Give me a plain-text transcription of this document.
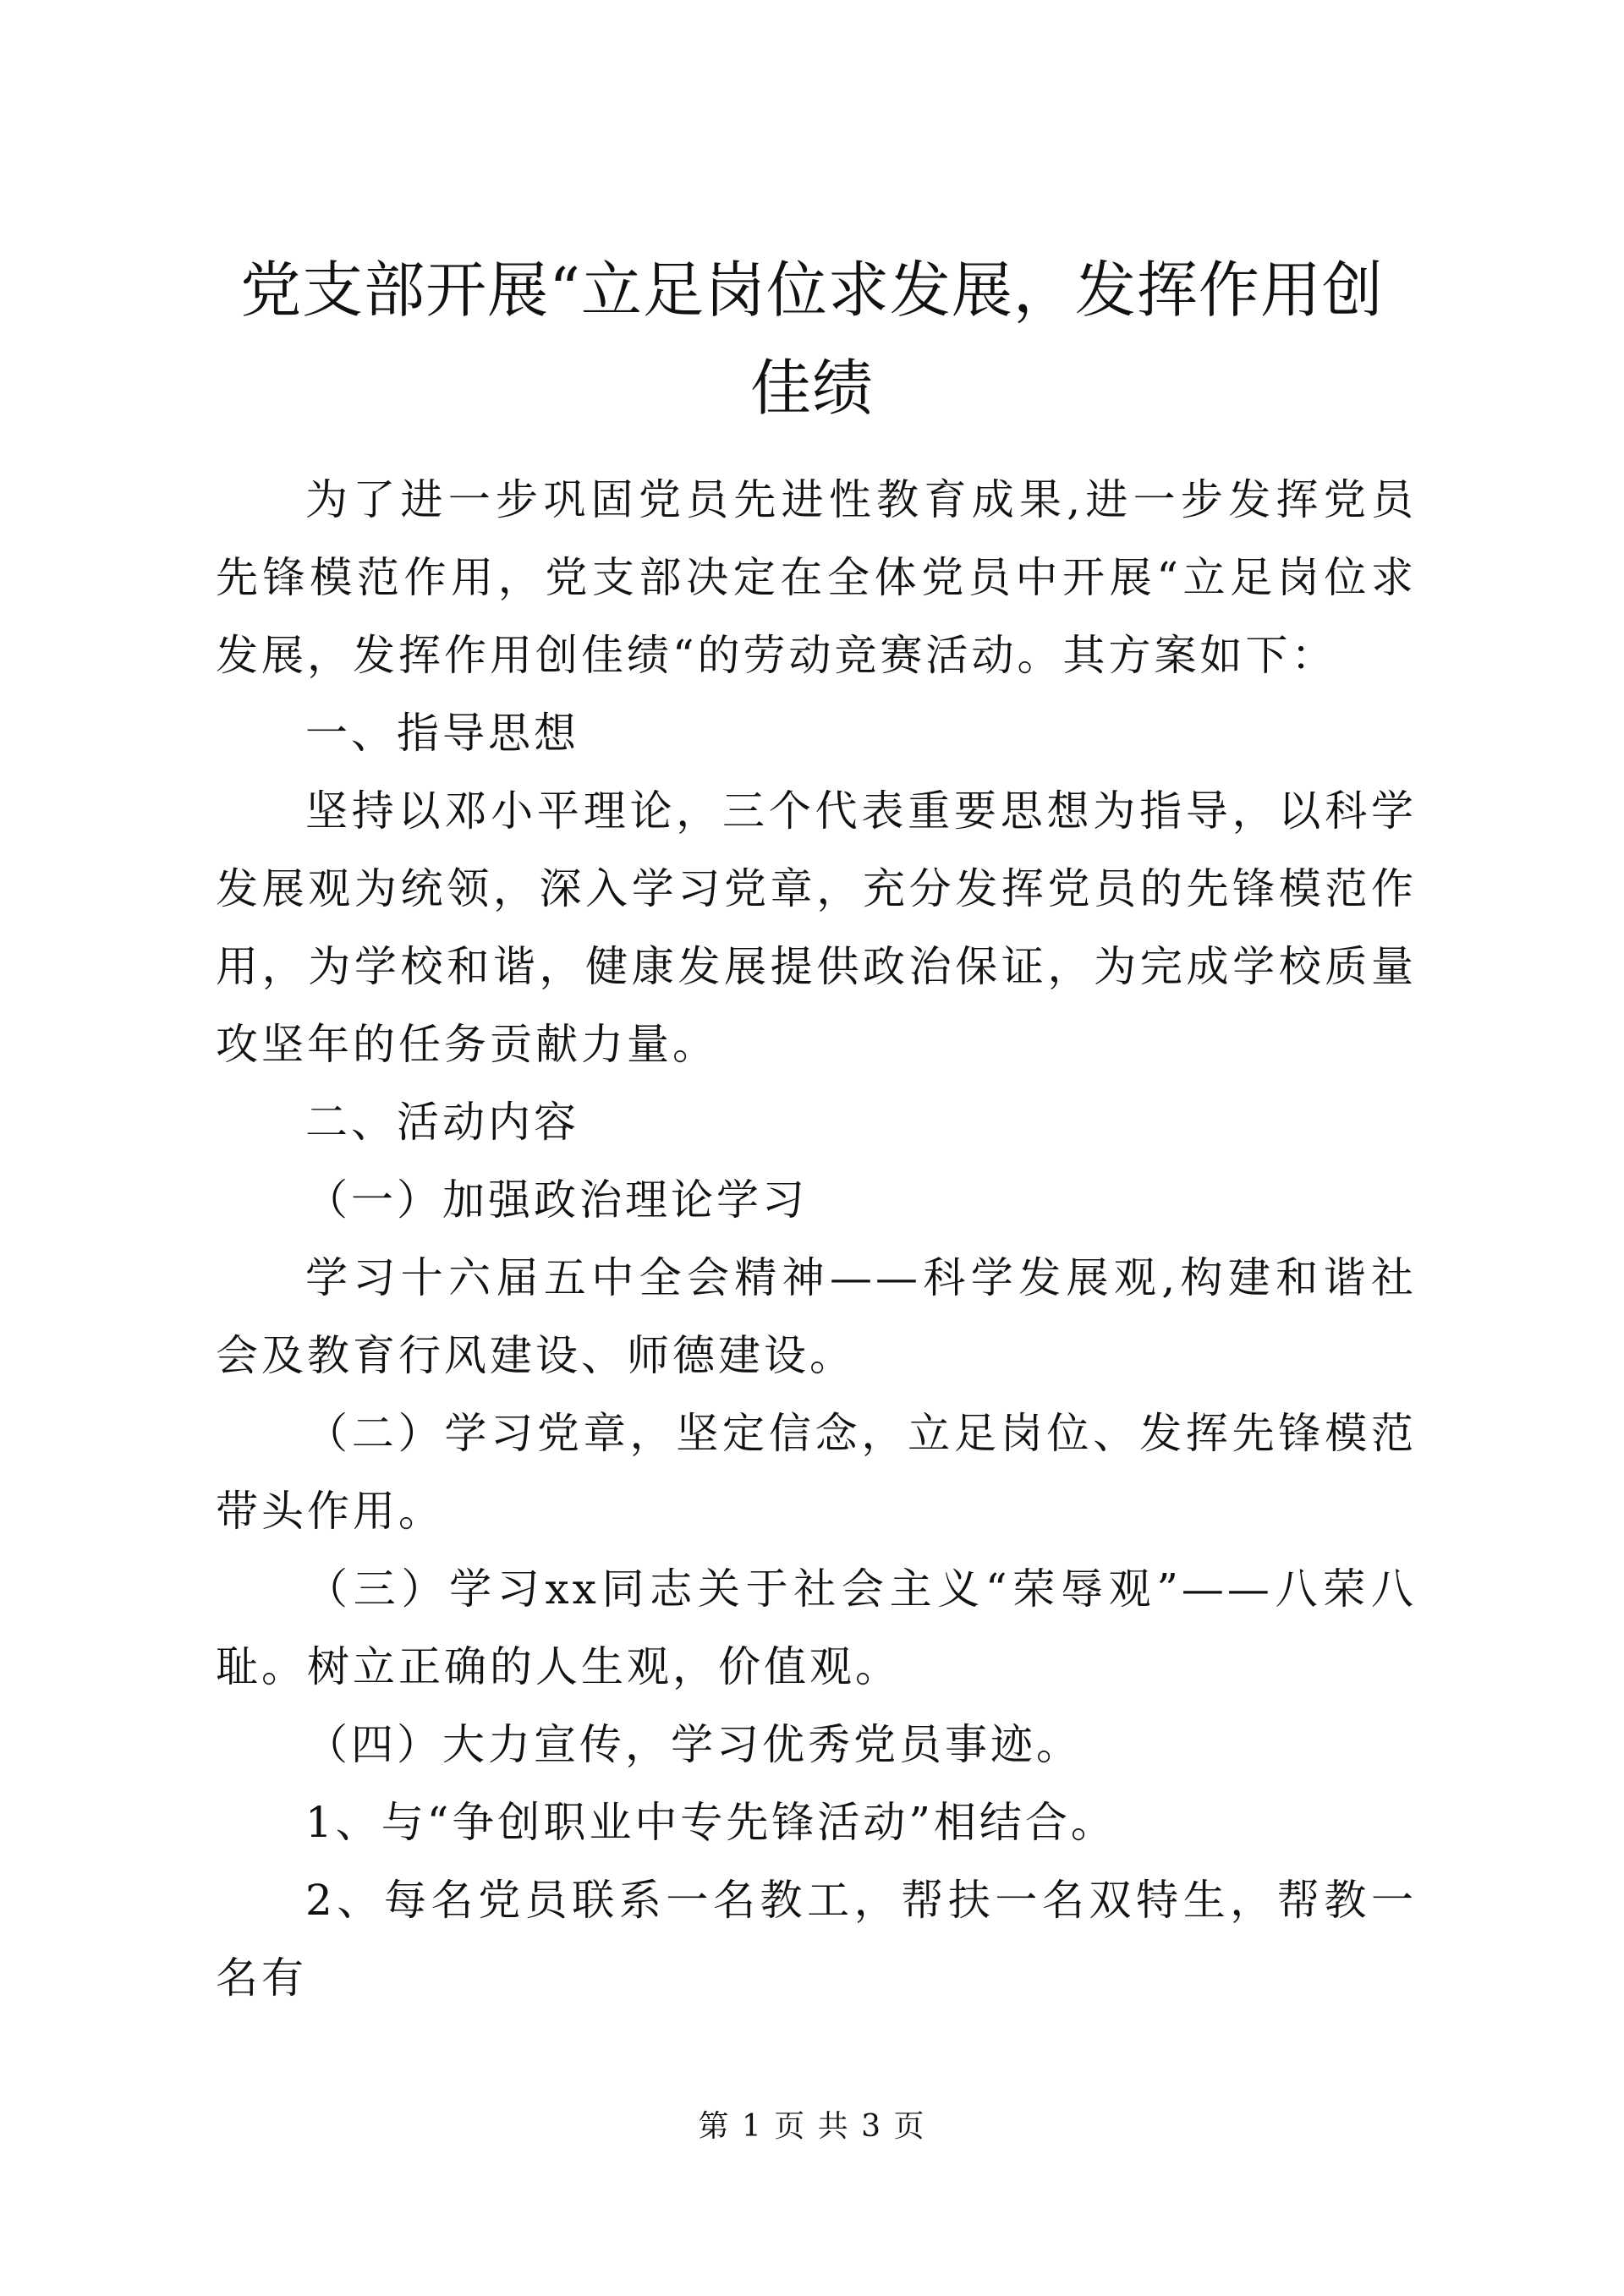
党支部开展“立足岗位求发展，发挥作用创佳绩

为了进一步巩固党员先进性教育成果,进一步发挥党员先锋模范作用，党支部决定在全体党员中开展“立足岗位求发展，发挥作用创佳绩“的劳动竞赛活动。其方案如下：

一、指导思想

坚持以邓小平理论，三个代表重要思想为指导，以科学发展观为统领，深入学习党章，充分发挥党员的先锋模范作用，为学校和谐，健康发展提供政治保证，为完成学校质量攻坚年的任务贡献力量。

二、活动内容

（一）加强政治理论学习

学习十六届五中全会精神——科学发展观,构建和谐社会及教育行风建设、师德建设。

（二）学习党章，坚定信念，立足岗位、发挥先锋模范带头作用。

（三）学习xx同志关于社会主义“荣辱观”——八荣八耻。树立正确的人生观，价值观。

（四）大力宣传，学习优秀党员事迹。

1、与“争创职业中专先锋活动”相结合。

2、每名党员联系一名教工，帮扶一名双特生，帮教一名有

第 1 页 共 3 页
